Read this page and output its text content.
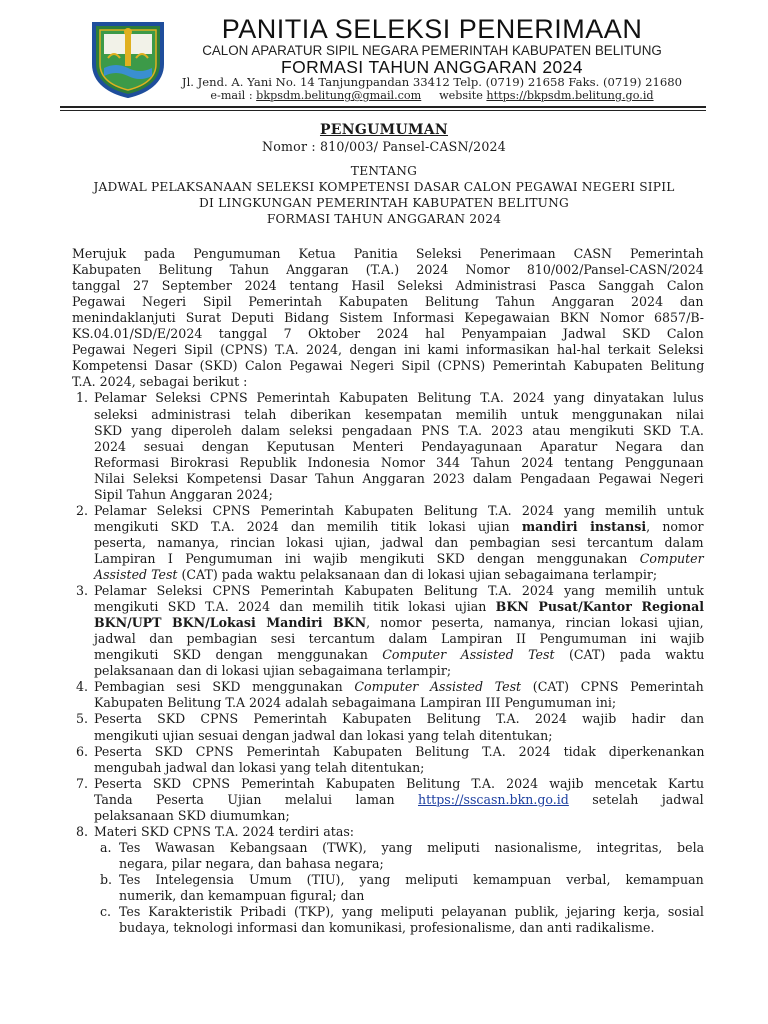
PANITIA SELEKSI PENERIMAAN
CALON APARATUR SIPIL NEGARA PEMERINTAH KABUPATEN BELITUNG
FORMASI TAHUN ANGGARAN 2024
Jl. Jend. A. Yani No. 14 Tanjungpandan 33412 Telp. (0719) 21658 Faks. (0719) 21680
e-mail : bkpsdm.belitung@gmail.com website https://bkpsdm.belitung.go.id
PENGUMUMAN
Nomor : 810/003/ Pansel-CASN/2024
TENTANG
JADWAL PELAKSANAAN SELEKSI KOMPETENSI DASAR CALON PEGAWAI NEGERI SIPIL
DI LINGKUNGAN PEMERINTAH KABUPATEN BELITUNG
FORMASI TAHUN ANGGARAN 2024
Merujuk pada Pengumuman Ketua Panitia Seleksi Penerimaan CASN Pemerintah
Kabupaten Belitung Tahun Anggaran (T.A.) 2024 Nomor 810/002/Pansel-CASN/2024
tanggal 27 September 2024 tentang Hasil Seleksi Administrasi Pasca Sanggah Calon
Pegawai Negeri Sipil Pemerintah Kabupaten Belitung Tahun Anggaran 2024 dan
menindaklanjuti Surat Deputi Bidang Sistem Informasi Kepegawaian BKN Nomor 6857/B-
KS.04.01/SD/E/2024 tanggal 7 Oktober 2024 hal Penyampaian Jadwal SKD Calon
Pegawai Negeri Sipil (CPNS) T.A. 2024, dengan ini kami informasikan hal-hal terkait Seleksi
Kompetensi Dasar (SKD) Calon Pegawai Negeri Sipil (CPNS) Pemerintah Kabupaten Belitung
T.A. 2024, sebagai berikut :
1. Pelamar Seleksi CPNS Pemerintah Kabupaten Belitung T.A. 2024 yang dinyatakan lulus
seleksi administrasi telah diberikan kesempatan memilih untuk menggunakan nilai
SKD yang diperoleh dalam seleksi pengadaan PNS T.A. 2023 atau mengikuti SKD T.A.
2024 sesuai dengan Keputusan Menteri Pendayagunaan Aparatur Negara dan
Reformasi Birokrasi Republik Indonesia Nomor 344 Tahun 2024 tentang Penggunaan
Nilai Seleksi Kompetensi Dasar Tahun Anggaran 2023 dalam Pengadaan Pegawai Negeri
Sipil Tahun Anggaran 2024;
2. Pelamar Seleksi CPNS Pemerintah Kabupaten Belitung T.A. 2024 yang memilih untuk
mengikuti SKD T.A. 2024 dan memilih titik lokasi ujian mandiri instansi, nomor
peserta, namanya, rincian lokasi ujian, jadwal dan pembagian sesi tercantum dalam
Lampiran I Pengumuman ini wajib mengikuti SKD dengan menggunakan Computer
Assisted Test (CAT) pada waktu pelaksanaan dan di lokasi ujian sebagaimana terlampir;
3. Pelamar Seleksi CPNS Pemerintah Kabupaten Belitung T.A. 2024 yang memilih untuk
mengikuti SKD T.A. 2024 dan memilih titik lokasi ujian BKN Pusat/Kantor Regional
BKN/UPT BKN/Lokasi Mandiri BKN, nomor peserta, namanya, rincian lokasi ujian,
jadwal dan pembagian sesi tercantum dalam Lampiran II Pengumuman ini wajib
mengikuti SKD dengan menggunakan Computer Assisted Test (CAT) pada waktu
pelaksanaan dan di lokasi ujian sebagaimana terlampir;
4. Pembagian sesi SKD menggunakan Computer Assisted Test (CAT) CPNS Pemerintah
Kabupaten Belitung T.A 2024 adalah sebagaimana Lampiran III Pengumuman ini;
5. Peserta SKD CPNS Pemerintah Kabupaten Belitung T.A. 2024 wajib hadir dan
mengikuti ujian sesuai dengan jadwal dan lokasi yang telah ditentukan;
6. Peserta SKD CPNS Pemerintah Kabupaten Belitung T.A. 2024 tidak diperkenankan
mengubah jadwal dan lokasi yang telah ditentukan;
7. Peserta SKD CPNS Pemerintah Kabupaten Belitung T.A. 2024 wajib mencetak Kartu
Tanda Peserta Ujian melalui laman https://sscasn.bkn.go.id setelah jadwal
pelaksanaan SKD diumumkan;
8. Materi SKD CPNS T.A. 2024 terdiri atas:
a. Tes Wawasan Kebangsaan (TWK), yang meliputi nasionalisme, integritas, bela
negara, pilar negara, dan bahasa negara;
b. Tes Intelegensia Umum (TIU), yang meliputi kemampuan verbal, kemampuan
numerik, dan kemampuan figural; dan
c. Tes Karakteristik Pribadi (TKP), yang meliputi pelayanan publik, jejaring kerja, sosial
budaya, teknologi informasi dan komunikasi, profesionalisme, dan anti radikalisme.
